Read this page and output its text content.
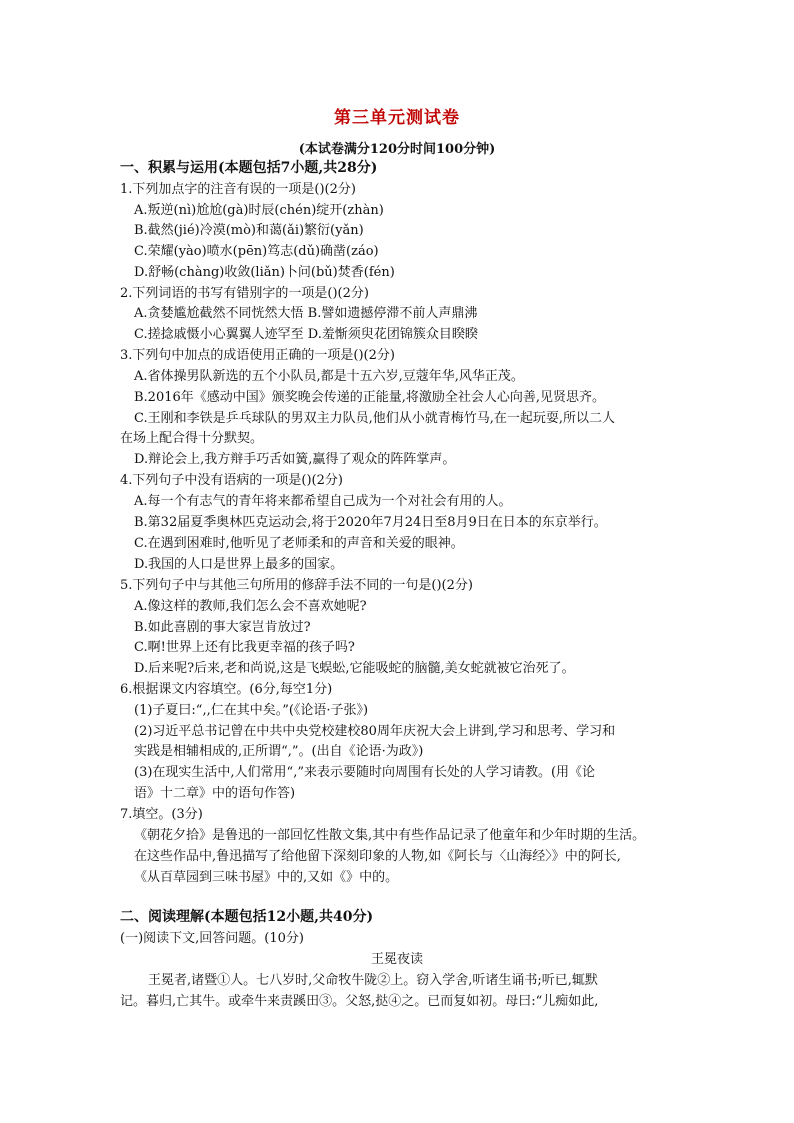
第三单元测试卷
(本试卷满分120分时间100分钟)
一、积累与运用(本题包括7小题,共28分)
1.下列加点字的注音有误的一项是()(2分)
A.叛逆(nì)尬尬(gà)时辰(chén)绽开(zhàn)
B.截然(jié)冷漠(mò)和蔼(ǎi)繁衍(yǎn)
C.荣耀(yào)喷水(pēn)笃志(dǔ)确凿(záo)
D.舒畅(chàng)收敛(liǎn)卜问(bǔ)焚香(fén)
2.下列词语的书写有错别字的一项是()(2分)
A.贪婪尴尬截然不同恍然大悟 B.譬如遗撼停滞不前人声鼎沸
C.搓捻戚慑小心翼翼人迹罕至 D.羞惭须臾花团锦簇众目睽睽
3.下列句中加点的成语使用正确的一项是()(2分)
A.省体操男队新选的五个小队员,都是十五六岁,豆蔻年华,风华正茂。
B.2016年《感动中国》颁奖晚会传递的正能量,将激励全社会人心向善,见贤思齐。
C.王刚和李铁是乒乓球队的男双主力队员,他们从小就青梅竹马,在一起玩耍,所以二人
在场上配合得十分默契。
D.辩论会上,我方辩手巧舌如簧,赢得了观众的阵阵掌声。
4.下列句子中没有语病的一项是()(2分)
A.每一个有志气的青年将来都希望自己成为一个对社会有用的人。
B.第32届夏季奥林匹克运动会,将于2020年7月24日至8月9日在日本的东京举行。
C.在遇到困难时,他听见了老师柔和的声音和关爱的眼神。
D.我国的人口是世界上最多的国家。
5.下列句子中与其他三句所用的修辞手法不同的一句是()(2分)
A.像这样的教师,我们怎么会不喜欢她呢?
B.如此喜剧的事大家岂肯放过?
C.啊!世界上还有比我更幸福的孩子吗?
D.后来呢?后来,老和尚说,这是飞蜈蚣,它能吸蛇的脑髓,美女蛇就被它治死了。
6.根据课文内容填空。(6分,每空1分)
(1)子夏曰:“,,仁在其中矣。”(《论语·子张》)
(2)习近平总书记曾在中共中央党校建校80周年庆祝大会上讲到,学习和思考、学习和
实践是相辅相成的,正所谓“,”。(出自《论语·为政》)
(3)在现实生活中,人们常用“,”来表示要随时向周围有长处的人学习请教。(用《论
语》十二章》中的语句作答)
7.填空。(3分)
《朝花夕拾》是鲁迅的一部回忆性散文集,其中有些作品记录了他童年和少年时期的生活。
在这些作品中,鲁迅描写了给他留下深刻印象的人物,如《阿长与〈山海经〉》中的阿长,
《从百草园到三味书屋》中的,又如《》中的。
二、阅读理解(本题包括12小题,共40分)
(一)阅读下文,回答问题。(10分)
王冕夜读
王冕者,诸暨①人。七八岁时,父命牧牛陇②上。窃入学舍,听诸生诵书;听已,辄默
记。暮归,亡其牛。或牵牛来责蹊田③。父怒,挞④之。已而复如初。母曰:“儿痴如此,
